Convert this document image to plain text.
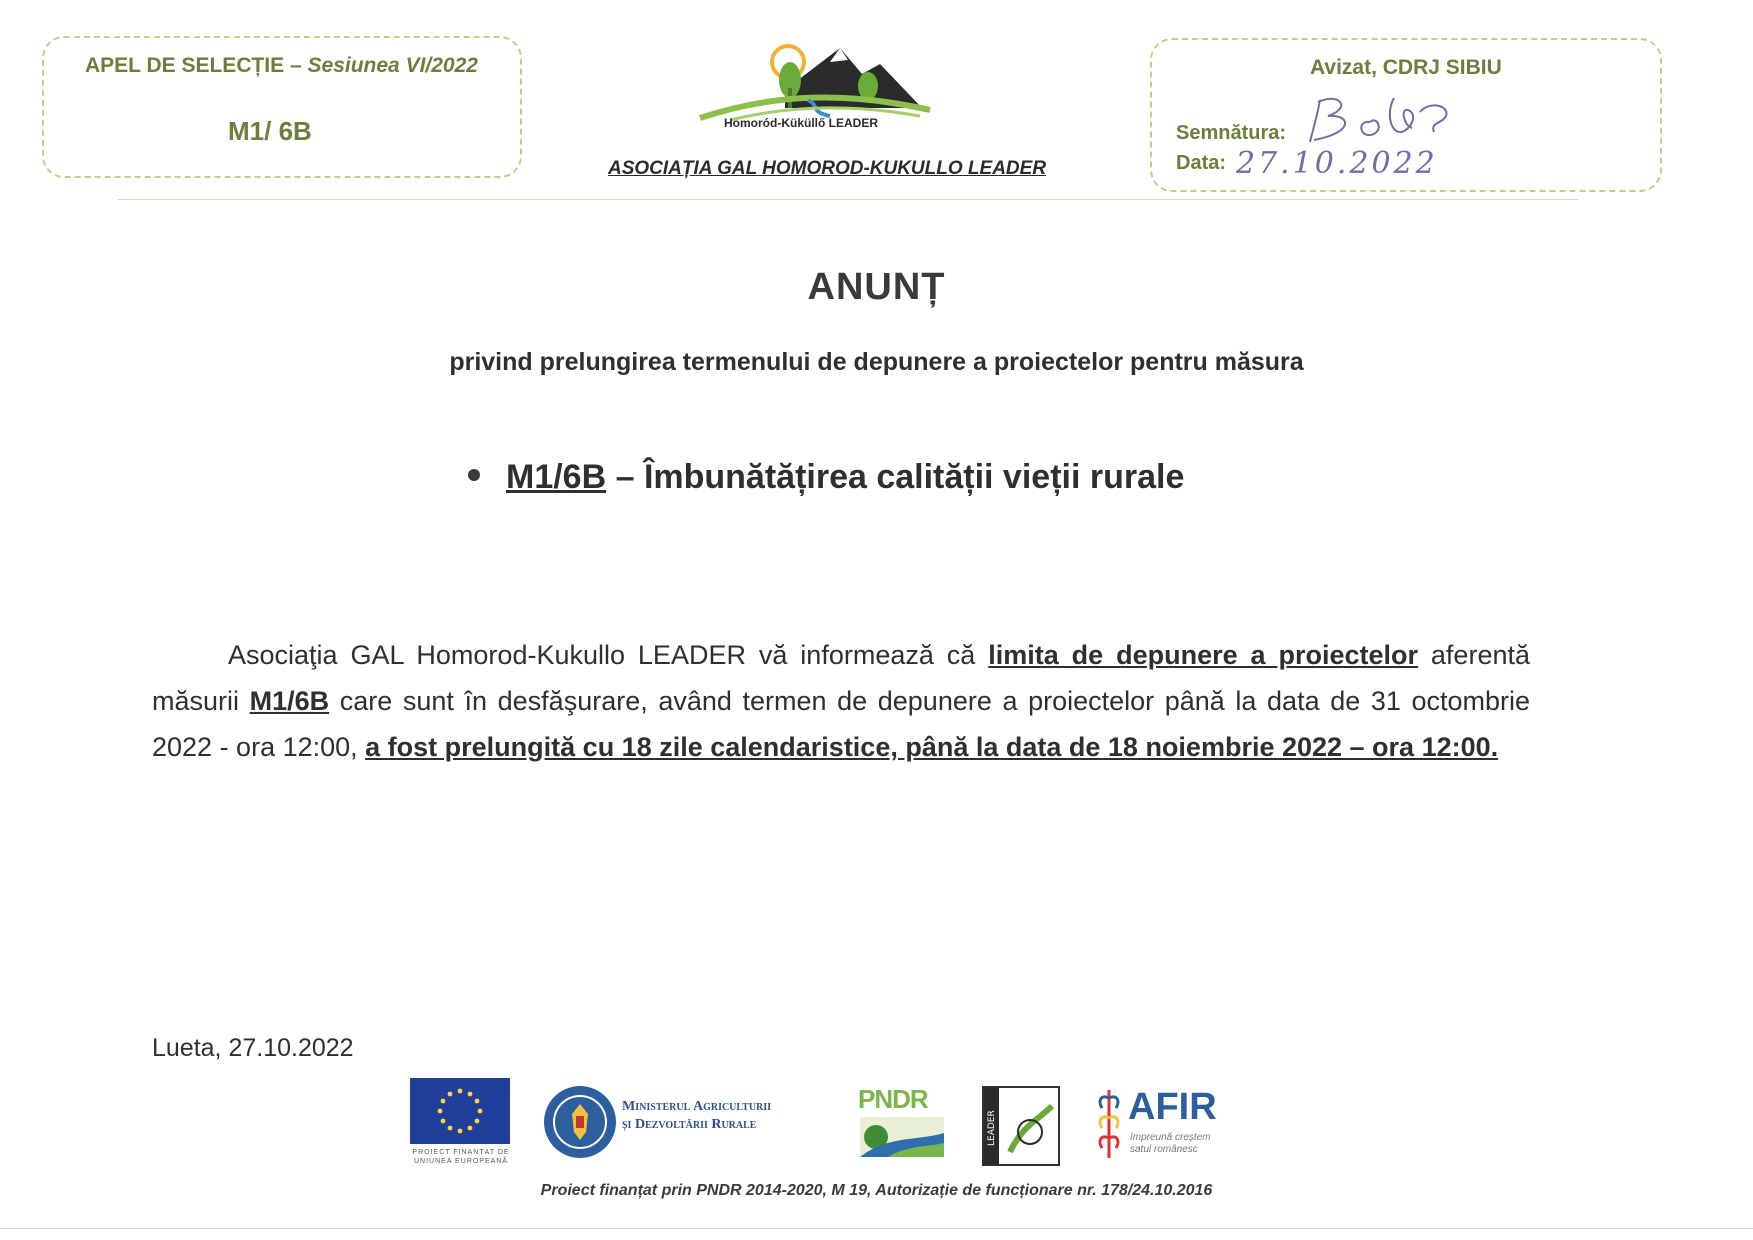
APEL DE SELECȚIE – Sesiunea VI/2022
M1/ 6B	Homoród-Küküllő LEADER
ASOCIAȚIA GAL HOMOROD-KUKULLO LEADER
Avizat, CDRJ SIBIU
Semnătura:
Data: 27.10.2022
ANUNȚ
privind prelungirea termenului de depunere a proiectelor pentru măsura
M1/6B – Îmbunătățirea calității vieții rurale
Asociaţia GAL Homorod-Kukullo LEADER vă informează că limita de depunere a proiectelor aferentă măsurii M1/6B care sunt în desfăşurare, având termen de depunere a proiectelor până la data de 31 octombrie 2022 - ora 12:00, a fost prelungită cu 18 zile calendaristice, până la data de 18 noiembrie 2022 – ora 12:00.
Lueta, 27.10.2022
PROIECT FINANȚAT DE UNIUNEA EUROPEANĂ
Ministerul Agriculturii
și Dezvoltării Rurale
PNDR
LEADER
AFIR
împreună creștem
satul românesc
Proiect finanțat prin PNDR 2014-2020, M 19, Autorizație de funcționare nr. 178/24.10.2016
